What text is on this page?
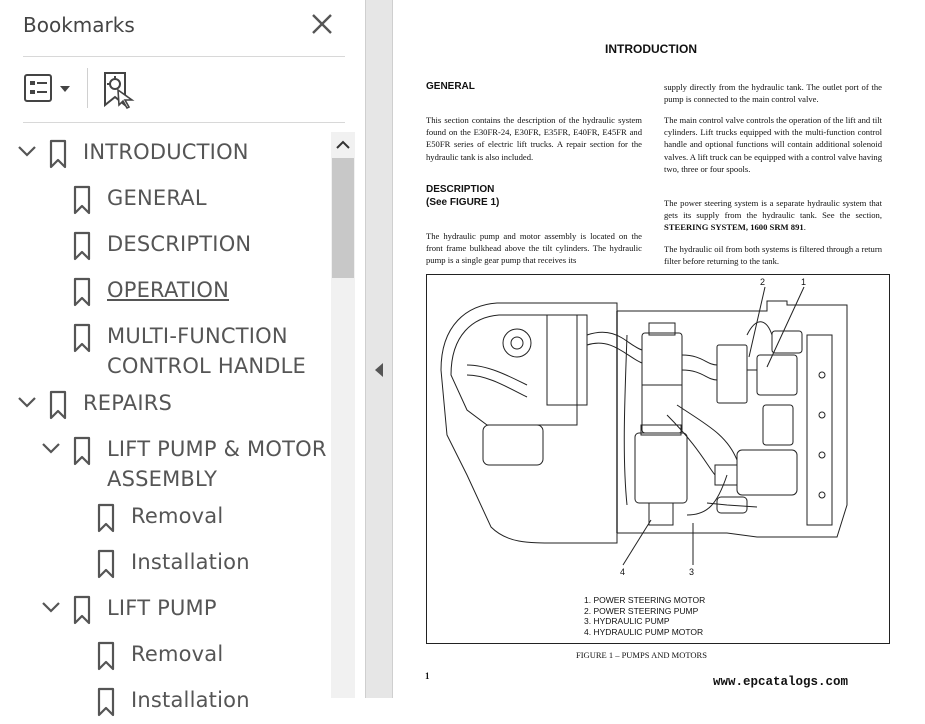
Bookmarks
INTRODUCTION
GENERAL
DESCRIPTION
OPERATION
MULTI-FUNCTION
CONTROL HANDLE
REPAIRS
LIFT PUMP & MOTOR
ASSEMBLY
Removal
Installation
LIFT PUMP
Removal
Installation
INTRODUCTION
GENERAL
This section contains the description of the hydraulic system found on the E30FR-24, E30FR, E35FR, E40FR, E45FR and E50FR series of electric lift trucks. A repair section for the hydraulic tank is also included.
DESCRIPTION
(See FIGURE 1)
The hydraulic pump and motor assembly is located on the front frame bulkhead above the tilt cylinders. The hydraulic pump is a single gear pump that receives its
supply directly from the hydraulic tank. The outlet port of the pump is connected to the main control valve.
The main control valve controls the operation of the lift and tilt cylinders. Lift trucks equipped with the multi-function control handle and optional functions will contain additional solenoid valves. A lift truck can be equipped with a control valve having two, three or four spools.
The power steering system is a separate hydraulic system that gets its supply from the hydraulic tank. See the section, STEERING SYSTEM, 1600 SRM 891.
The hydraulic oil from both systems is filtered through a return filter before returning to the tank.
2	1
4	3
1. POWER STEERING MOTOR
2. POWER STEERING PUMP
3. HYDRAULIC PUMP
4. HYDRAULIC PUMP MOTOR
FIGURE 1 – PUMPS AND MOTORS
1	www.epcatalogs.com
